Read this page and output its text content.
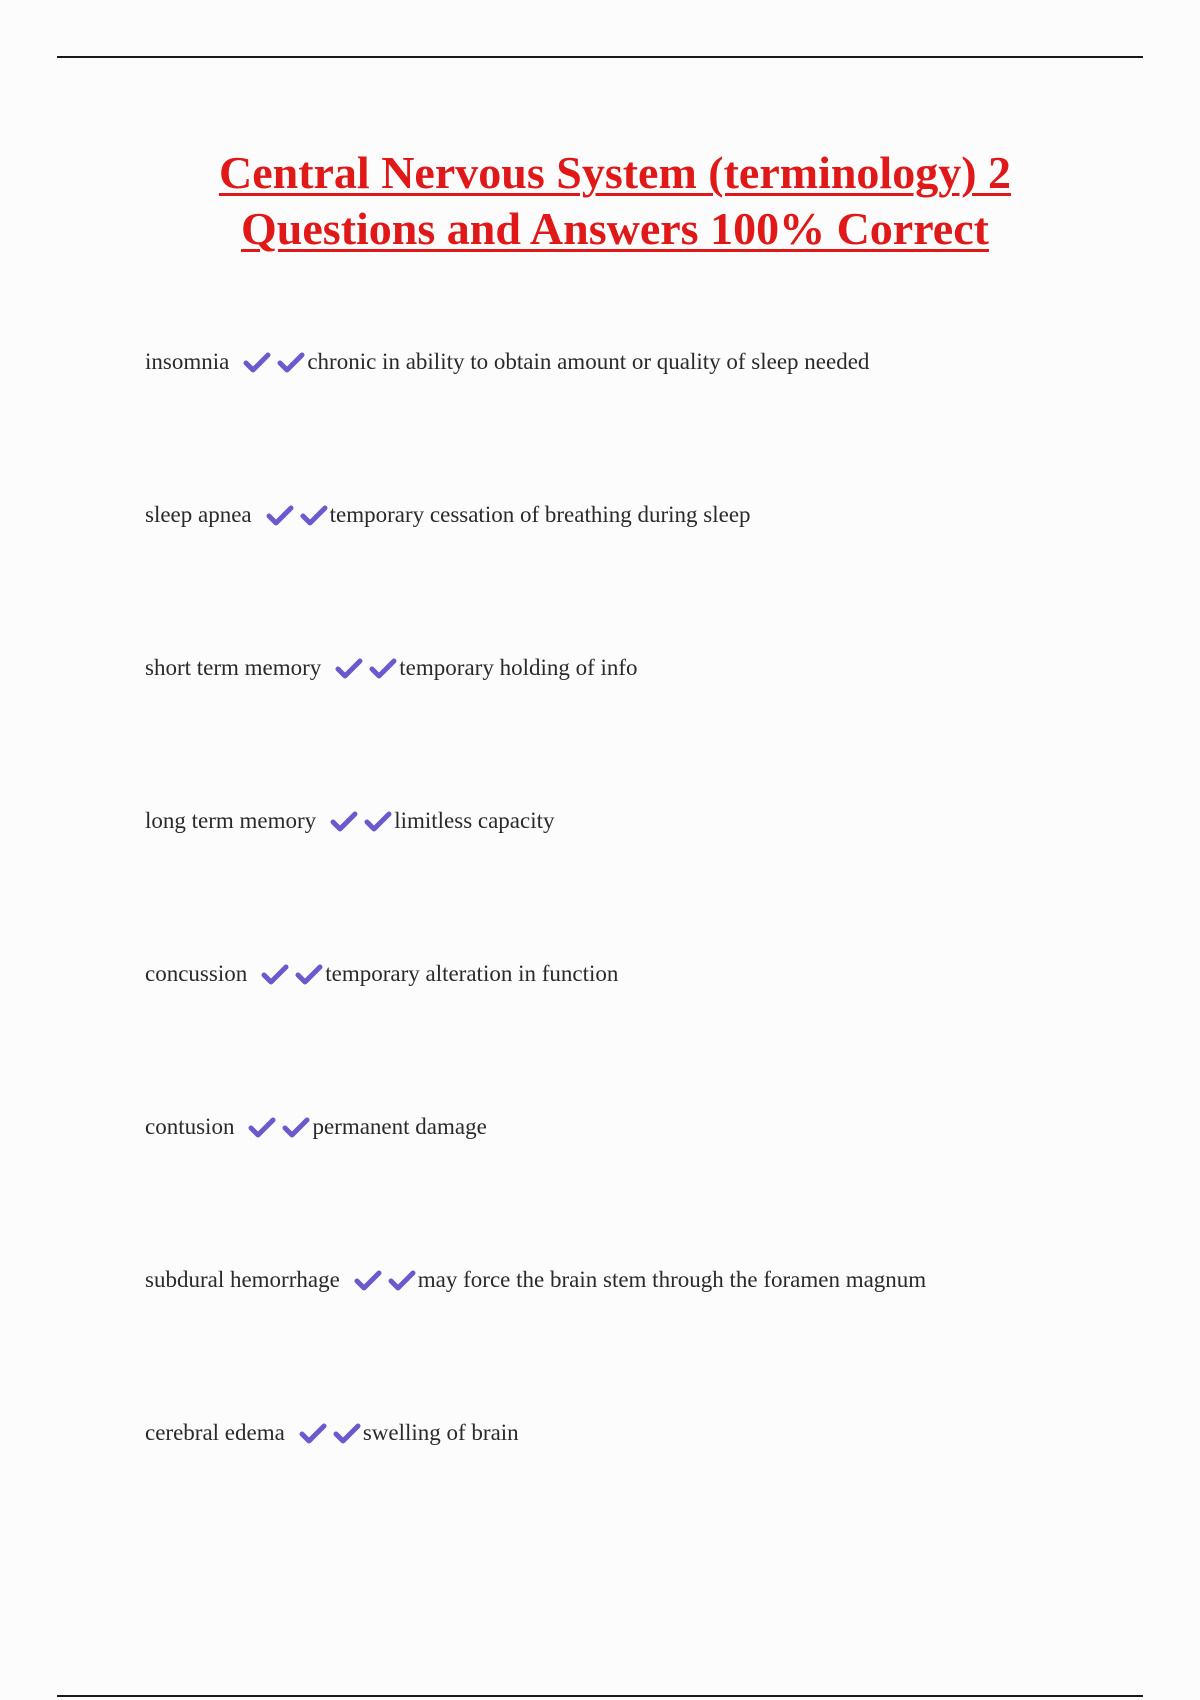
Central Nervous System (terminology) 2
Questions and Answers 100% Correct
insomnia	chronic in ability to obtain amount or quality of sleep needed
sleep apnea	temporary cessation of breathing during sleep
short term memory	temporary holding of info
long term memory	limitless capacity
concussion	temporary alteration in function
contusion	permanent damage
subdural hemorrhage	may force the brain stem through the foramen magnum
cerebral edema	swelling of brain
